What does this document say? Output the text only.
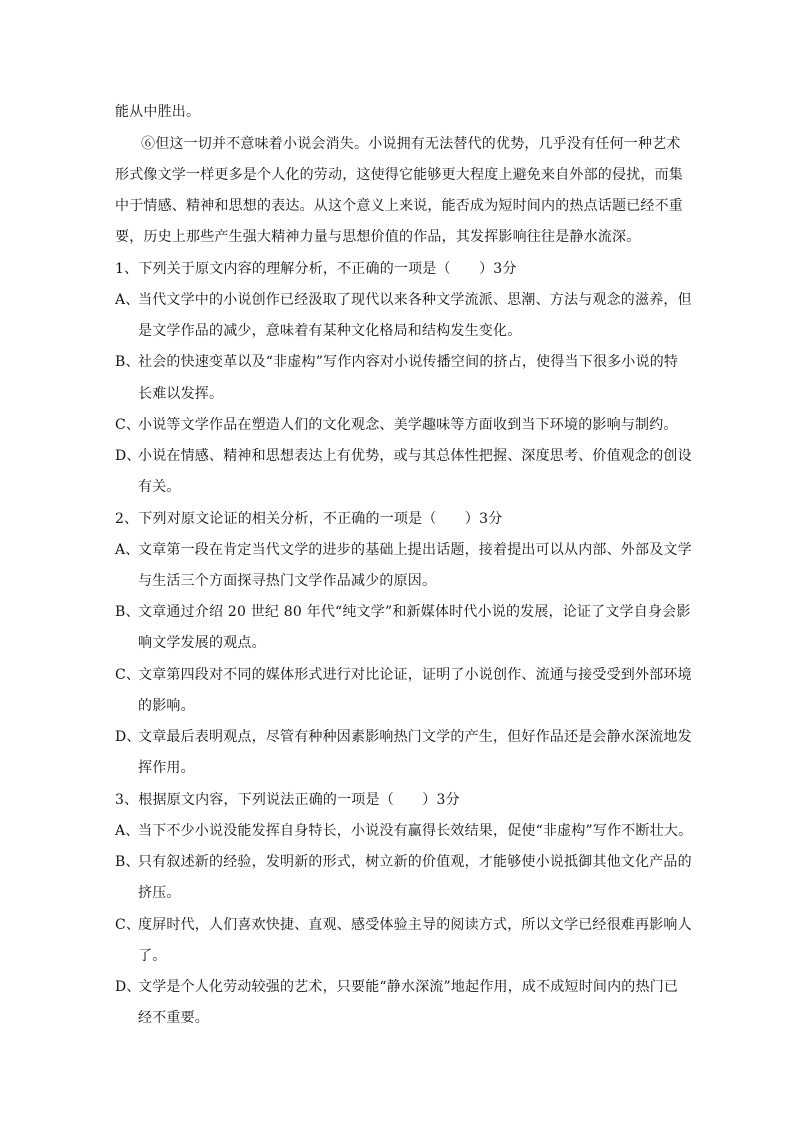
能从中胜出。
⑥但这一切并不意味着小说会消失。小说拥有无法替代的优势，几乎没有任何一种艺术
形式像文学一样更多是个人化的劳动，这使得它能够更大程度上避免来自外部的侵扰，而集
中于情感、精神和思想的表达。从这个意义上来说，能否成为短时间内的热点话题已经不重
要，历史上那些产生强大精神力量与思想价值的作品，其发挥影响往往是静水流深。
1、下列关于原文内容的理解分析，不正确的一项是（　　）3分
A、
当代文学中的小说创作已经汲取了现代以来各种文学流派、思潮、方法与观念的滋养，但
是文学作品的减少，意味着有某种文化格局和结构发生变化。
B、
社会的快速变革以及“非虚构”写作内容对小说传播空间的挤占，使得当下很多小说的特
长难以发挥。
C、
小说等文学作品在塑造人们的文化观念、美学趣味等方面收到当下环境的影响与制约。
D、
小说在情感、精神和思想表达上有优势，或与其总体性把握、深度思考、价值观念的创设
有关。
2、下列对原文论证的相关分析，不正确的一项是（　　）3分
A、
文章第一段在肯定当代文学的进步的基础上提出话题，接着提出可以从内部、外部及文学
与生活三个方面探寻热门文学作品减少的原因。
B、
文章通过介绍 20 世纪 80 年代“纯文学”和新媒体时代小说的发展，论证了文学自身会影
响文学发展的观点。
C、
文章第四段对不同的媒体形式进行对比论证，证明了小说创作、流通与接受受到外部环境
的影响。
D、
文章最后表明观点，尽管有种种因素影响热门文学的产生，但好作品还是会静水深流地发
挥作用。
3、根据原文内容，下列说法正确的一项是（　　）3分
A、
当下不少小说没能发挥自身特长，小说没有赢得长效结果，促使“非虚构”写作不断壮大。
B、
只有叙述新的经验，发明新的形式，树立新的价值观，才能够使小说抵御其他文化产品的
挤压。
C、
度屏时代，人们喜欢快捷、直观、感受体验主导的阅读方式，所以文学已经很难再影响人
了。
D、
文学是个人化劳动较强的艺术，只要能“静水深流”地起作用，成不成短时间内的热门已
经不重要。
